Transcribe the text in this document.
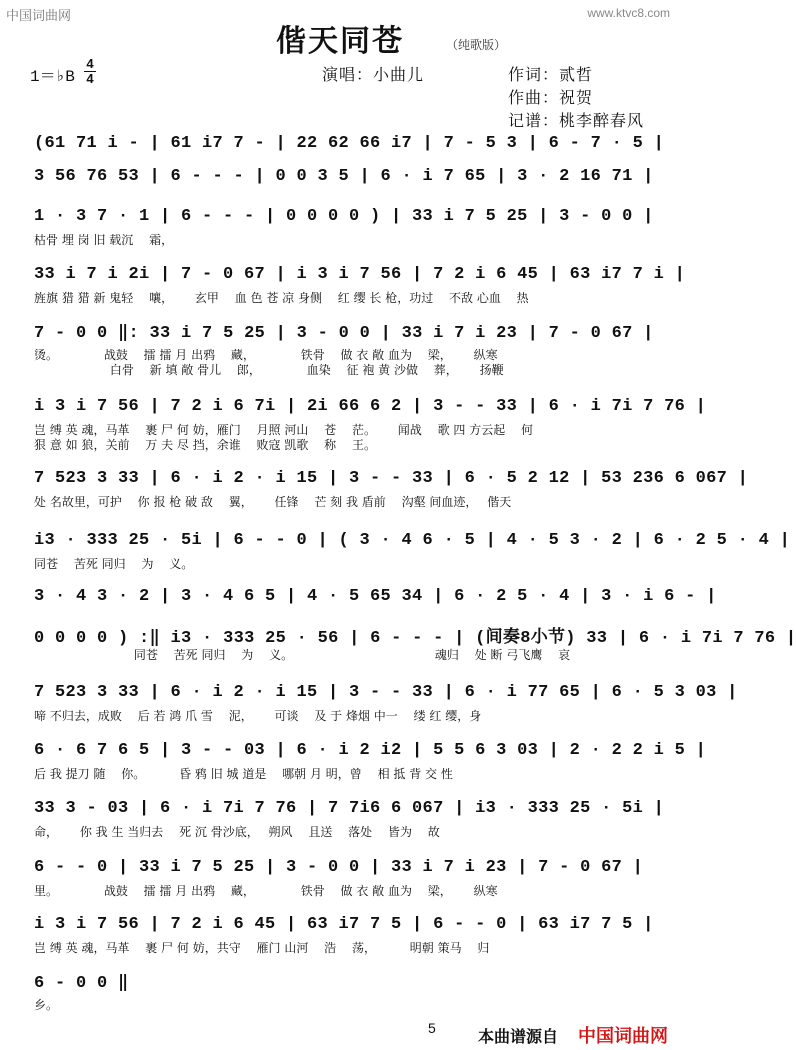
中国词曲网	www.ktvc8.com
偕天同苍	（纯歌版）
1＝♭B
4
4	演唱：小曲儿	作词：贰哲
作曲：祝贺
记谱：桃李醉春风
(61 71 i - | 61 i7 7 - | 22 62 66 i7 | 7 - 5 3 | 6 - 7 · 5 |
3 56 76 53 | 6 - - - | 0 0 3 5 | 6 · i 7 65 | 3 · 2 16 71 |
1 · 3 7 · 1 | 6 - - - | 0 0 0 0 ) | 33 i 7 5 25 | 3 - 0 0 |
枯骨 埋 岗 旧 载沉　 霜，
33 i 7 i 2i | 7 - 0 67 | i 3 i 7 56 | 7 2 i 6 45 | 63 i7 7 i |
旌旗 猎 猎 新 鬼轻　 嚷，　　 玄甲　 血 色 苍 凉 身侧　 红 缨 长 枪，功过　 不敌 心血　 热
7 - 0 0 ‖: 33 i 7 5 25 | 3 - 0 0 | 33 i 7 i 23 | 7 - 0 67 |
烫。　　　　 战鼓　 擂 擂 月 出鸦　 藏，　　　　 铁骨　 做 衣 敞 血为　 梁，　　 纵寒
　　　　　　 白骨　 新 填 敞 骨儿　 郎，　　　　 血染　 征 袍 黄 沙做　 葬，　　 扬鞭
i 3 i 7 56 | 7 2 i 6 7i | 2i 66 6 2 | 3 - - 33 | 6 · i 7i 7 76 |
岂 缚 英 魂，马革　 裹 尸 何 妨，雁门　 月照 河山　 苍　 茫。　　 闻战　 歌 四 方云起　 何
狠 意 如 狼，关前　 万 夫 尽 挡，余谁　 败寇 凯歌　 称　 王。
7 523 3 33 | 6 · i 2 · i 15 | 3 - - 33 | 6 · 5 2 12 | 53 236 6 067 |
处 名故里，可护　 你 报 枪 破 敌　 翼，　　 任锋　 芒 刻 我 盾前　 沟壑 间血迹，　 偕天
i3 · 333 25 · 5i | 6 - - 0 | ( 3 · 4 6 · 5 | 4 · 5 3 · 2 | 6 · 2 5 · 4 |
同苍　 苦死 同归　 为　 义。
3 · 4 3 · 2 | 3 · 4 6 5 | 4 · 5 65 34 | 6 · 2 5 · 4 | 3 · i 6 - |
0 0 0 0 ) :‖ i3 · 333 25 · 56 | 6 - - - | (间奏8小节) 33 | 6 · i 7i 7 76 |
　　　　　　　　 同苍　 苦死 同归　 为　 义。　　　　　　　　　　　　 魂归　 处 断 弓飞鹰　 哀
7 523 3 33 | 6 · i 2 · i 15 | 3 - - 33 | 6 · i 77 65 | 6 · 5 3 03 |
啼 不归去，成败　 后 若 鸿 爪 雪　 泥，　　 可谈　 及 于 烽烟 中一　 缕 红 缨，身
6 · 6 7 6 5 | 3 - - 03 | 6 · i 2 i2 | 5 5 6 3 03 | 2 · 2 2 i 5 |
后 我 提刀 随　 你。　　　 昏 鸦 旧 城 道是　 哪朝 月 明，曾　 相 抵 背 交 性
33 3 - 03 | 6 · i 7i 7 76 | 7 7i6 6 067 | i3 · 333 25 · 5i |
命，　　 你 我 生 当归去　 死 沉 骨沙底，　 朔风　 且送　 落处　 皆为　 故
6 - - 0 | 33 i 7 5 25 | 3 - 0 0 | 33 i 7 i 23 | 7 - 0 67 |
里。　　　　 战鼓　 擂 擂 月 出鸦　 藏，　　　　 铁骨　 做 衣 敞 血为　 梁，　　 纵寒
i 3 i 7 56 | 7 2 i 6 45 | 63 i7 7 5 | 6 - - 0 | 63 i7 7 5 |
岂 缚 英 魂，马革　 裹 尸 何 妨，共守　 雁门 山河　 浩　 荡，　　　 明朝 策马　 归
6 - 0 0 ‖
乡。
5	本曲谱源自 中国词曲网
